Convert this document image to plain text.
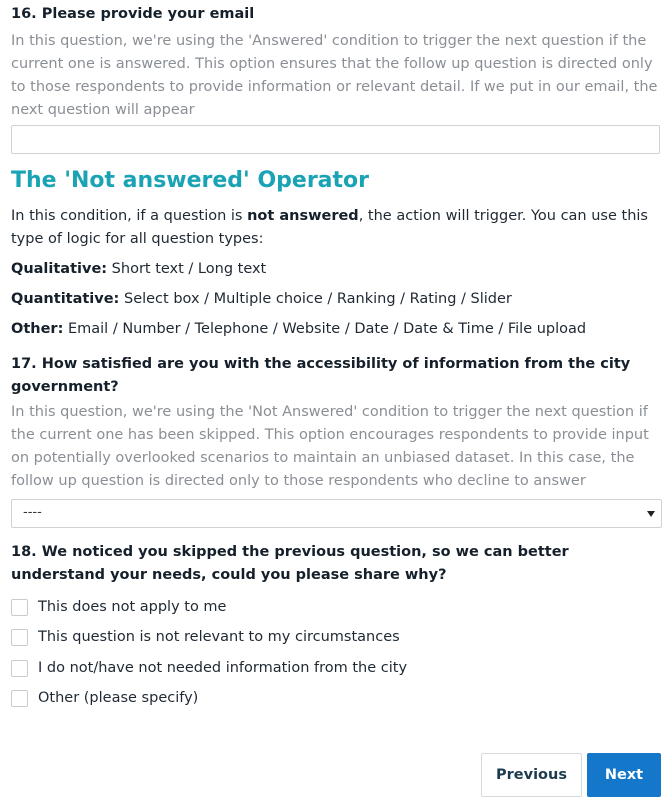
16. Please provide your email

In this question, we're using the 'Answered' condition to trigger the next question if the current one is answered. This option ensures that the follow up question is directed only to those respondents to provide information or relevant detail. If we put in our email, the next question will appear

The 'Not answered' Operator

In this condition, if a question is not answered, the action will trigger. You can use this type of logic for all question types:

Qualitative: Short text / Long text

Quantitative: Select box / Multiple choice / Ranking / Rating / Slider

Other: Email / Number / Telephone / Website / Date / Date & Time / File upload

17. How satisfied are you with the accessibility of information from the city government?

In this question, we're using the 'Not Answered' condition to trigger the next question if the current one has been skipped. This option encourages respondents to provide input on potentially overlooked scenarios to maintain an unbiased dataset. In this case, the follow up question is directed only to those respondents who decline to answer

----

18. We noticed you skipped the previous question, so we can better understand your needs, could you please share why?

This does not apply to me
This question is not relevant to my circumstances
I do not/have not needed information from the city
Other (please specify)
Previous	Next
